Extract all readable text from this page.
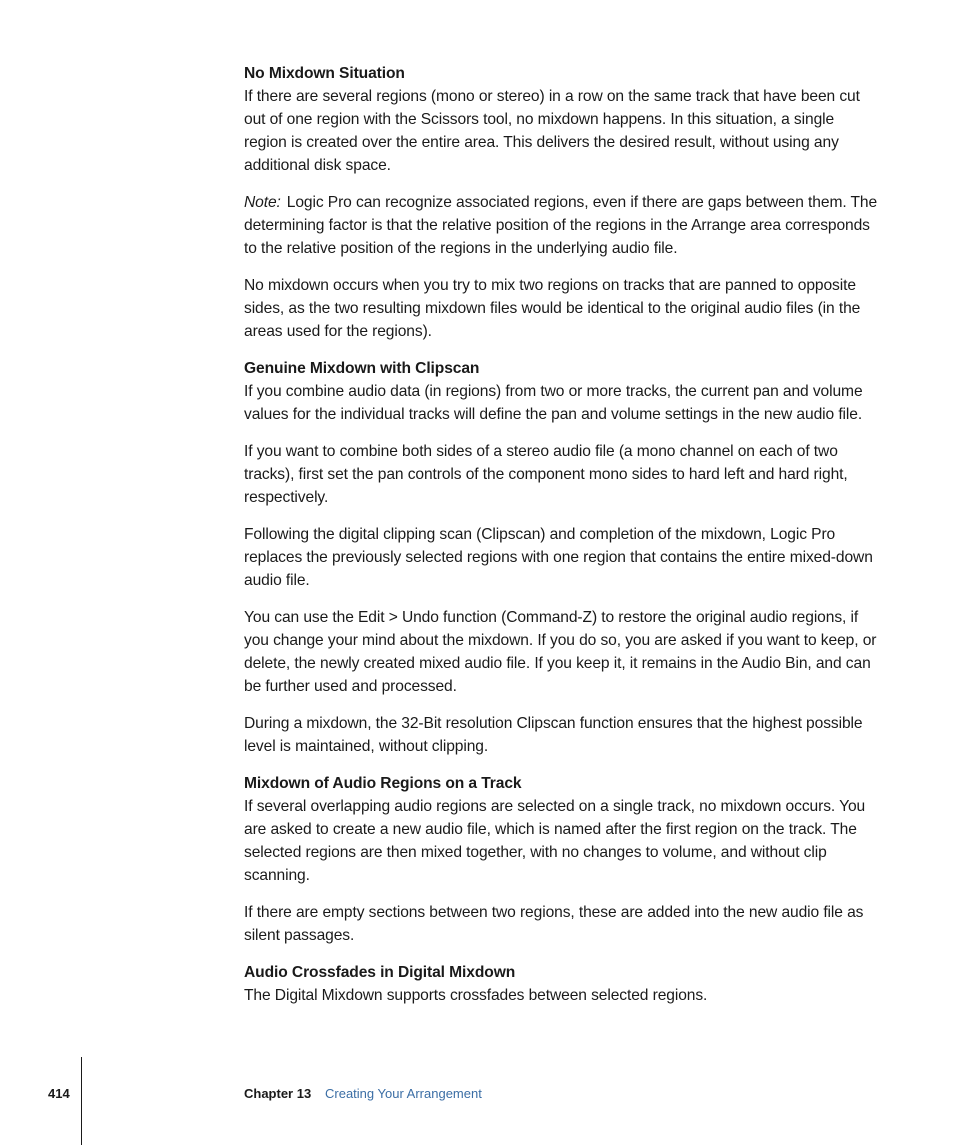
No Mixdown Situation

If there are several regions (mono or stereo) in a row on the same track that have been cut out of one region with the Scissors tool, no mixdown happens. In this situation, a single region is created over the entire area. This delivers the desired result, without using any additional disk space.

Note: Logic Pro can recognize associated regions, even if there are gaps between them. The determining factor is that the relative position of the regions in the Arrange area corresponds to the relative position of the regions in the underlying audio file.

No mixdown occurs when you try to mix two regions on tracks that are panned to opposite sides, as the two resulting mixdown files would be identical to the original audio files (in the areas used for the regions).

Genuine Mixdown with Clipscan

If you combine audio data (in regions) from two or more tracks, the current pan and volume values for the individual tracks will define the pan and volume settings in the new audio file.

If you want to combine both sides of a stereo audio file (a mono channel on each of two tracks), first set the pan controls of the component mono sides to hard left and hard right, respectively.

Following the digital clipping scan (Clipscan) and completion of the mixdown, Logic Pro replaces the previously selected regions with one region that contains the entire mixed-down audio file.

You can use the Edit > Undo function (Command-Z) to restore the original audio regions, if you change your mind about the mixdown. If you do so, you are asked if you want to keep, or delete, the newly created mixed audio file. If you keep it, it remains in the Audio Bin, and can be further used and processed.

During a mixdown, the 32-Bit resolution Clipscan function ensures that the highest possible level is maintained, without clipping.

Mixdown of Audio Regions on a Track

If several overlapping audio regions are selected on a single track, no mixdown occurs. You are asked to create a new audio file, which is named after the first region on the track. The selected regions are then mixed together, with no changes to volume, and without clip scanning.

If there are empty sections between two regions, these are added into the new audio file as silent passages.

Audio Crossfades in Digital Mixdown

The Digital Mixdown supports crossfades between selected regions.

414	Chapter 13 Creating Your Arrangement
